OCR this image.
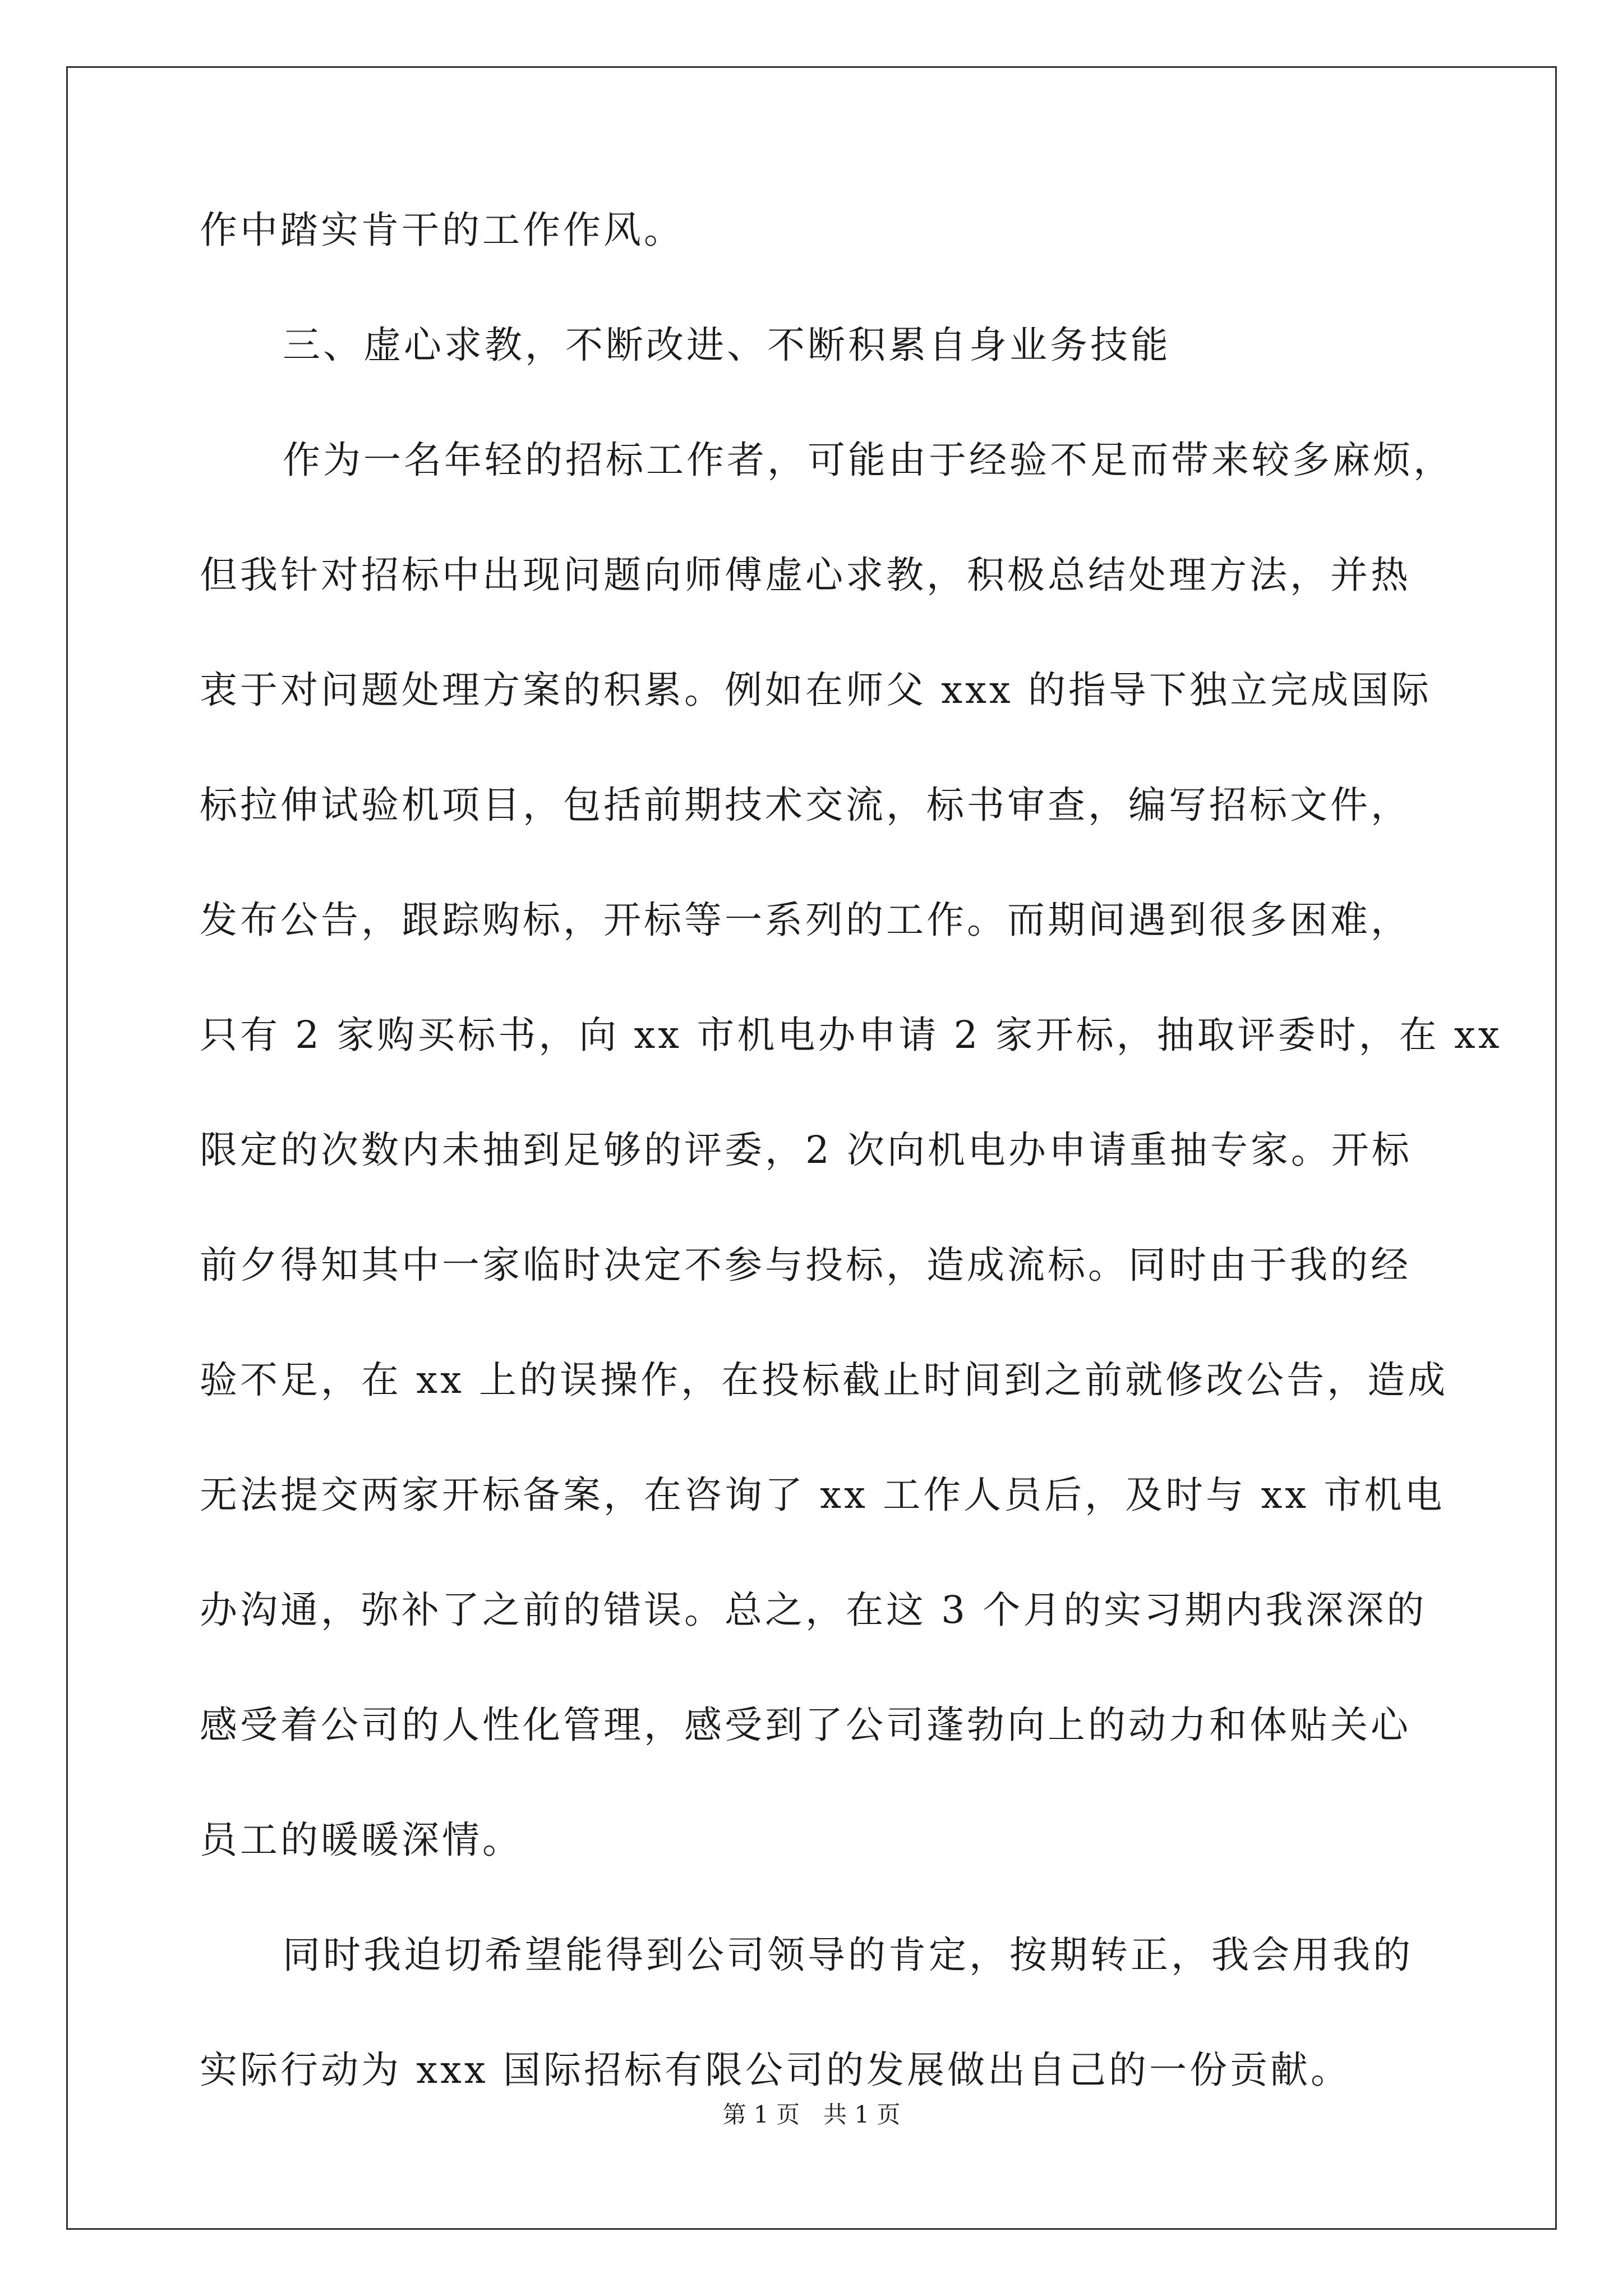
作中踏实肯干的工作作风。
三、虚心求教，不断改进、不断积累自身业务技能
作为一名年轻的招标工作者，可能由于经验不足而带来较多麻烦，
但我针对招标中出现问题向师傅虚心求教，积极总结处理方法，并热
衷于对问题处理方案的积累。例如在师父 xxx 的指导下独立完成国际
标拉伸试验机项目，包括前期技术交流，标书审查，编写招标文件，
发布公告，跟踪购标，开标等一系列的工作。而期间遇到很多困难，
只有 2 家购买标书，向 xx 市机电办申请 2 家开标，抽取评委时，在 xx
限定的次数内未抽到足够的评委，2 次向机电办申请重抽专家。开标
前夕得知其中一家临时决定不参与投标，造成流标。同时由于我的经
验不足，在 xx 上的误操作，在投标截止时间到之前就修改公告，造成
无法提交两家开标备案，在咨询了 xx 工作人员后，及时与 xx 市机电
办沟通，弥补了之前的错误。总之，在这 3 个月的实习期内我深深的
感受着公司的人性化管理，感受到了公司蓬勃向上的动力和体贴关心
员工的暖暖深情。
同时我迫切希望能得到公司领导的肯定，按期转正，我会用我的
实际行动为 xxx 国际招标有限公司的发展做出自己的一份贡献。
第 1 页　共 1 页
